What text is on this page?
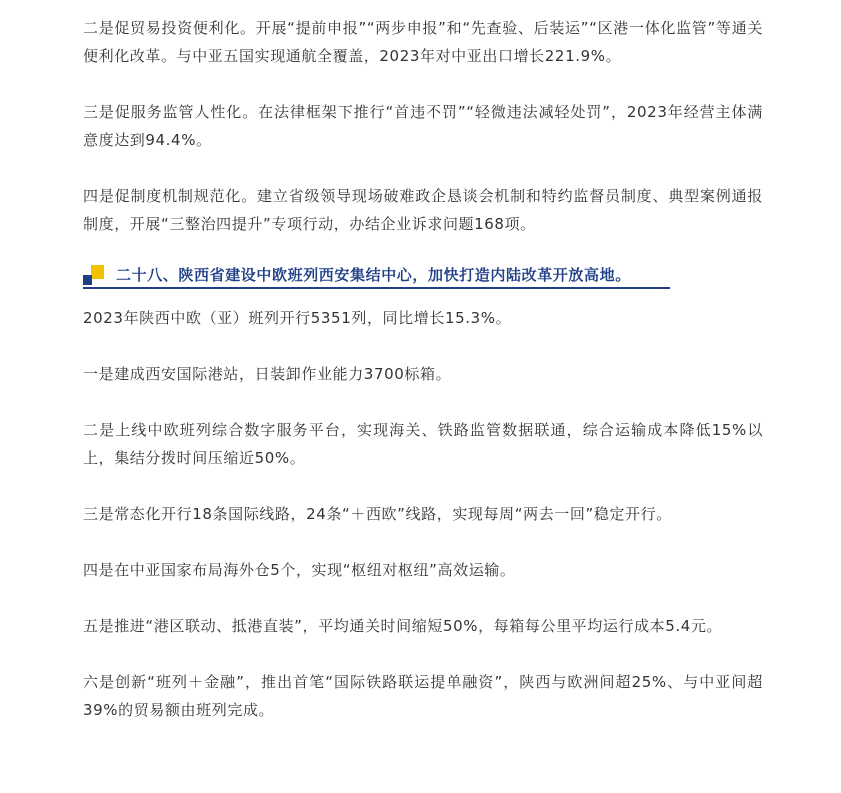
二是促贸易投资便利化。开展“提前申报”“两步申报”和“先查验、后装运”“区港一体化监管”等通关便利化改革。与中亚五国实现通航全覆盖，2023年对中亚出口增长221.9%。

三是促服务监管人性化。在法律框架下推行“首违不罚”“轻微违法减轻处罚”，2023年经营主体满意度达到94.4%。

四是促制度机制规范化。建立省级领导现场破难政企恳谈会机制和特约监督员制度、典型案例通报制度，开展“三整治四提升”专项行动，办结企业诉求问题168项。

二十八、陕西省建设中欧班列西安集结中心，加快打造内陆改革开放高地。

2023年陕西中欧（亚）班列开行5351列，同比增长15.3%。

一是建成西安国际港站，日装卸作业能力3700标箱。

二是上线中欧班列综合数字服务平台，实现海关、铁路监管数据联通，综合运输成本降低15%以上，集结分拨时间压缩近50%。

三是常态化开行18条国际线路，24条“＋西欧”线路，实现每周“两去一回”稳定开行。

四是在中亚国家布局海外仓5个，实现“枢纽对枢纽”高效运输。

五是推进“港区联动、抵港直装”，平均通关时间缩短50%，每箱每公里平均运行成本5.4元。

六是创新“班列＋金融”，推出首笔“国际铁路联运提单融资”，陕西与欧洲间超25%、与中亚间超39%的贸易额由班列完成。
